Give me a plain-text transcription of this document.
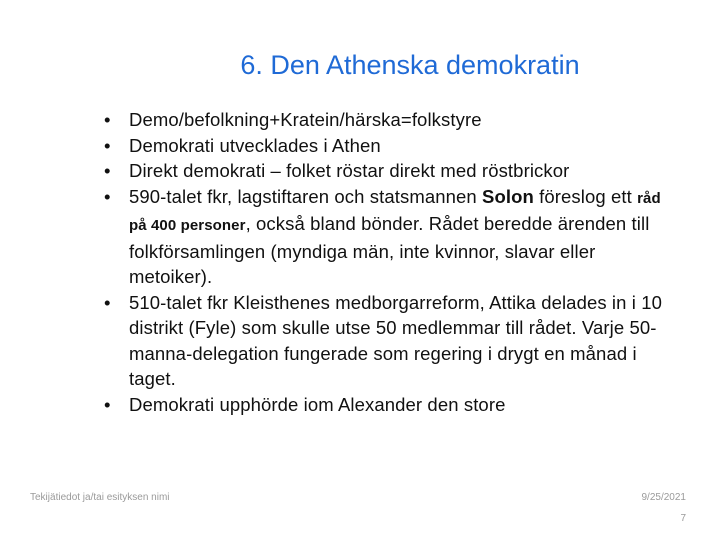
6. Den Athenska demokratin
• Demo/befolkning+Kratein/härska=folkstyre
• Demokrati utvecklades i Athen
• Direkt demokrati – folket röstar direkt med röstbrickor
• 590-talet fkr, lagstiftaren och statsmannen Solon föreslog ett råd på 400 personer, också bland bönder. Rådet beredde ärenden till folkförsamlingen (myndiga män, inte kvinnor, slavar eller metoiker).
• 510-talet fkr Kleisthenes medborgarreform, Attika delades in i 10 distrikt (Fyle) som skulle utse 50 medlemmar till rådet. Varje 50-manna-delegation fungerade som regering i drygt en månad i taget.
• Demokrati upphörde iom Alexander den store
Tekijätiedot ja/tai esityksen nimi	9/25/2021
7
